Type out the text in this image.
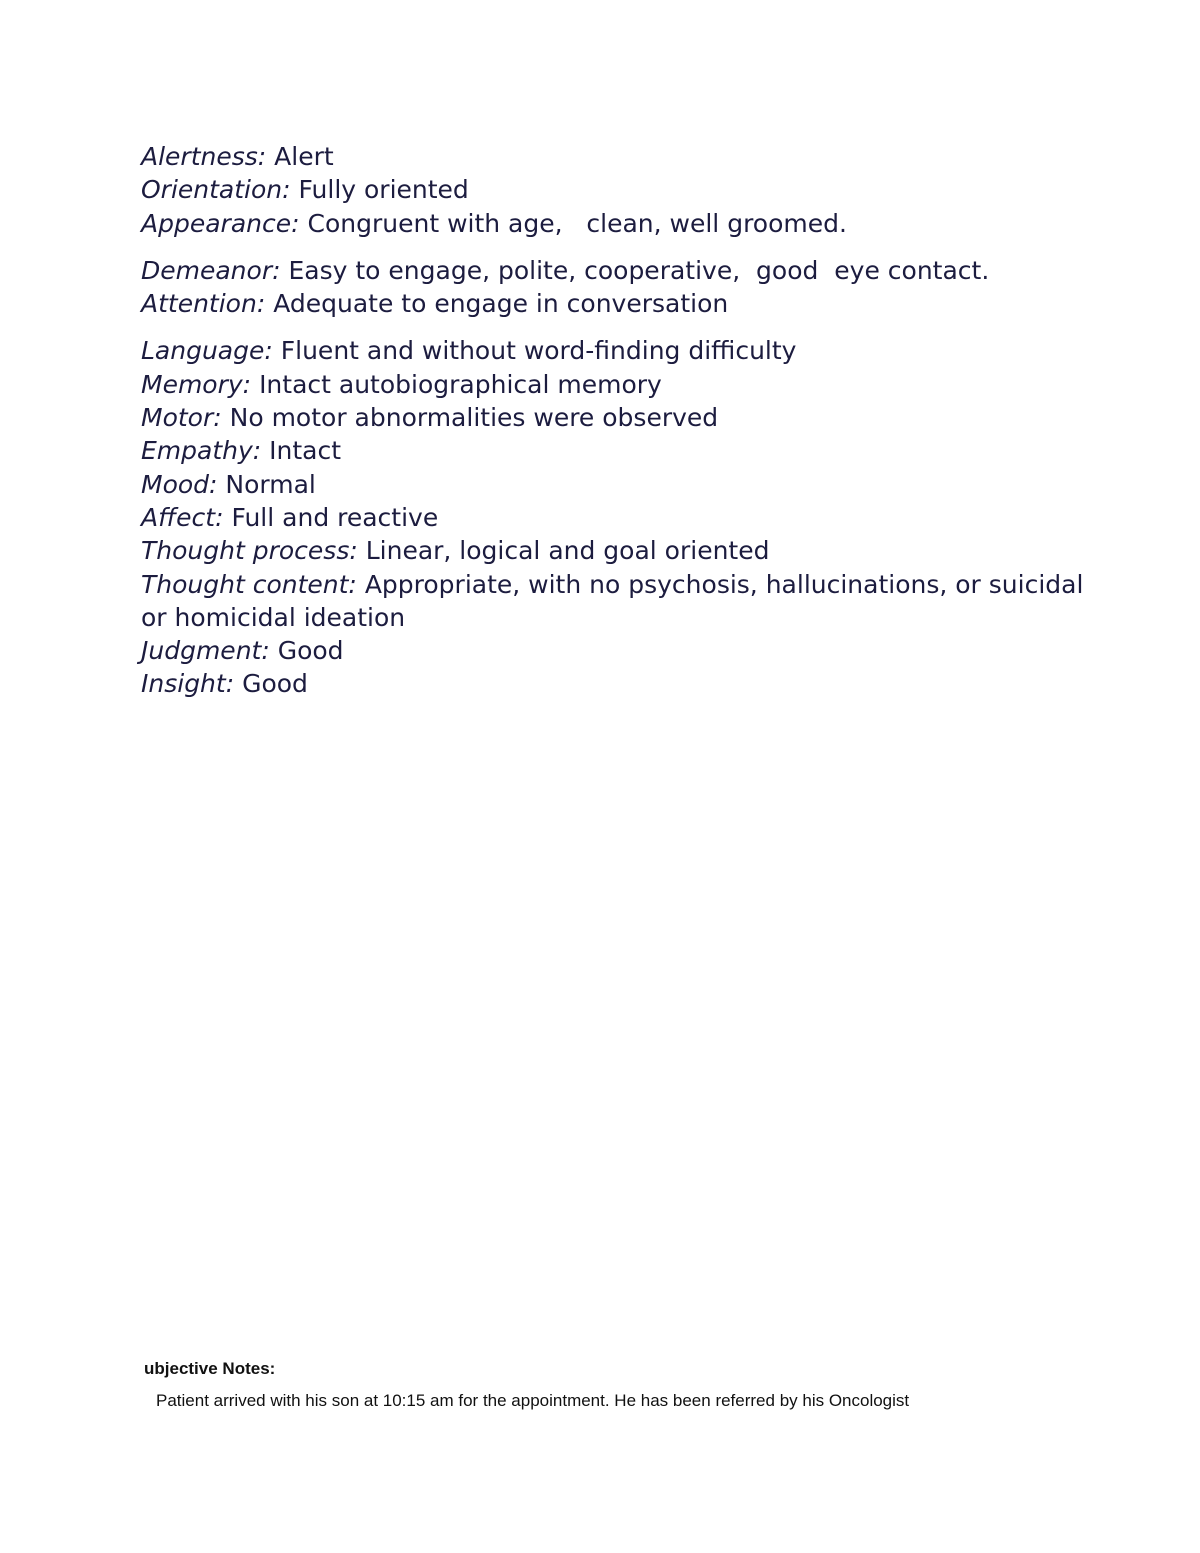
Alertness: Alert
Orientation: Fully oriented
Appearance: Congruent with age,   clean, well groomed.
Demeanor: Easy to engage, polite, cooperative,  good  eye contact.
Attention: Adequate to engage in conversation
Language: Fluent and without word-finding difficulty
Memory: Intact autobiographical memory
Motor: No motor abnormalities were observed
Empathy: Intact
Mood: Normal
Affect: Full and reactive
Thought process: Linear, logical and goal oriented
Thought content: Appropriate, with no psychosis, hallucinations, or suicidal or homicidal ideation
Judgment: Good
Insight: Good
ubjective Notes:
Patient arrived with his son at 10:15 am for the appointment. He has been referred by his Oncologist
